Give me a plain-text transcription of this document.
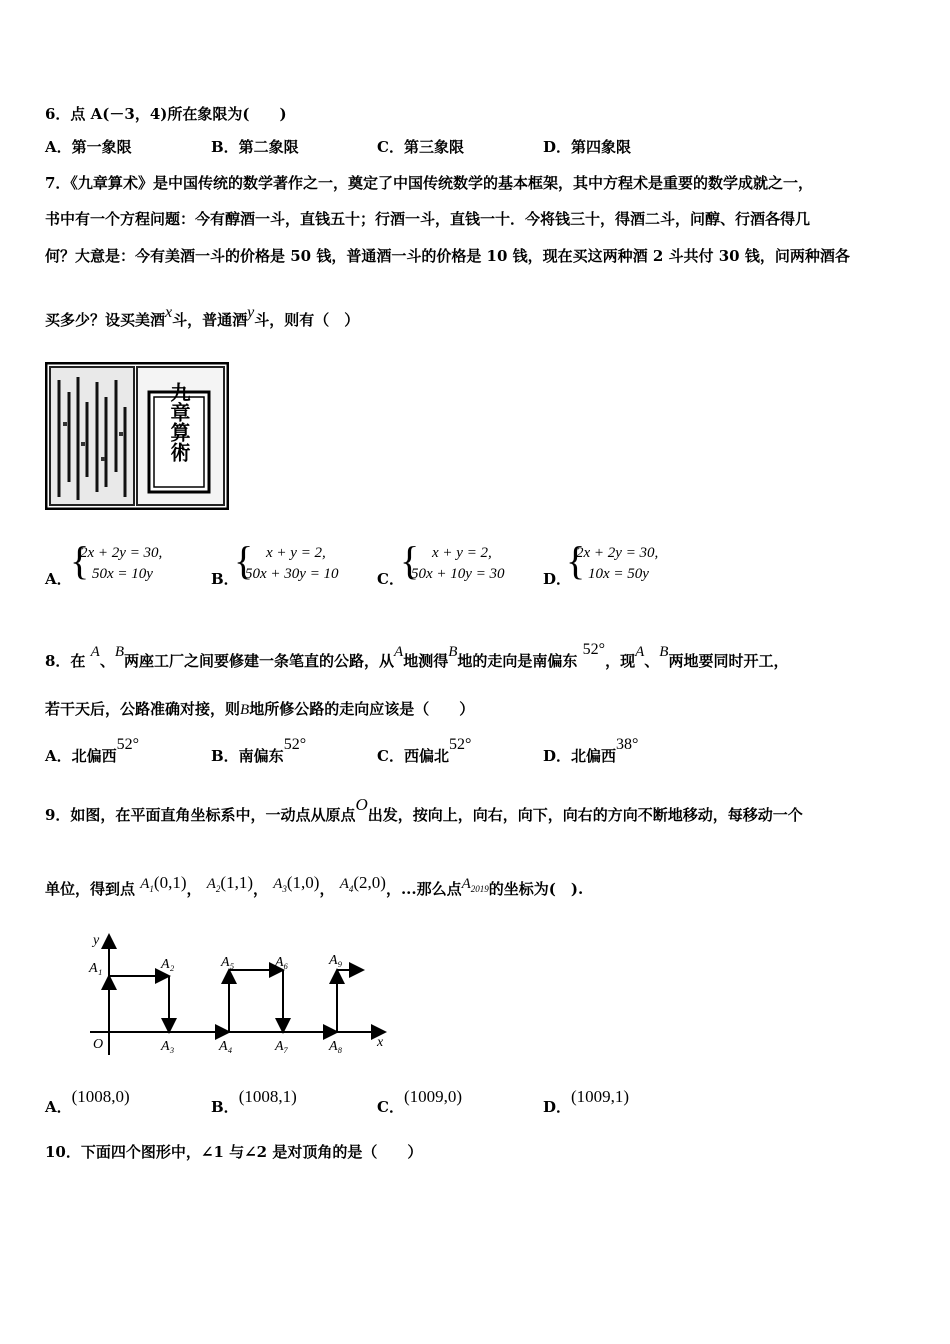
6．点 A(－3，4)所在象限为(　　)
A．第一象限	B．第二象限	C．第三象限	D．第四象限
7．《九章算术》是中国传统的数学著作之一，奠定了中国传统数学的基本框架，其中方程术是重要的数学成就之一，
书中有一个方程问题：今有醇酒一斗，直钱五十；行酒一斗，直钱一十．今将钱三十，得酒二斗，问醇、行酒各得几
何？大意是：今有美酒一斗的价格是 50 钱，普通酒一斗的价格是 10 钱，现在买这两种酒 2 斗共付 30 钱，问两种酒各
买多少？设买美酒x斗，普通酒y斗，则有（　）
九章算術
A．
{
2x + 2y = 30,
50x = 10y	B．
{ x + y = 2,
50x + 30y = 10	C．
{ x + y = 2,
50x + 10y = 30	D．
{
2x + 2y = 30,
10x = 50y
8．在 A、B两座工厂之间要修建一条笔直的公路，从A地测得B地的走向是南偏东 52°，现A、B两地要同时开工，
若干天后，公路准确对接，则B地所修公路的走向应该是（　　）
A．北偏西52°
B．南偏东52°
C．西偏北52°
D．北偏西38°
9．如图，在平面直角坐标系中，一动点从原点O出发，按向上，向右，向下，向右的方向不断地移动，每移动一个
单位，得到点 A1(0,1)， A2(1,1)， A3(1,0)， A4(2,0)，...那么点A2019的坐标为(　).
y
x
O
A₁	A₂
A₃	A₄
A₅	A₆
A₇	A₈
A₉
A．(1008,0)
B．(1008,1)
C．(1009,0)
D．(1009,1)
10．下面四个图形中，∠1 与∠2 是对顶角的是（　　）
